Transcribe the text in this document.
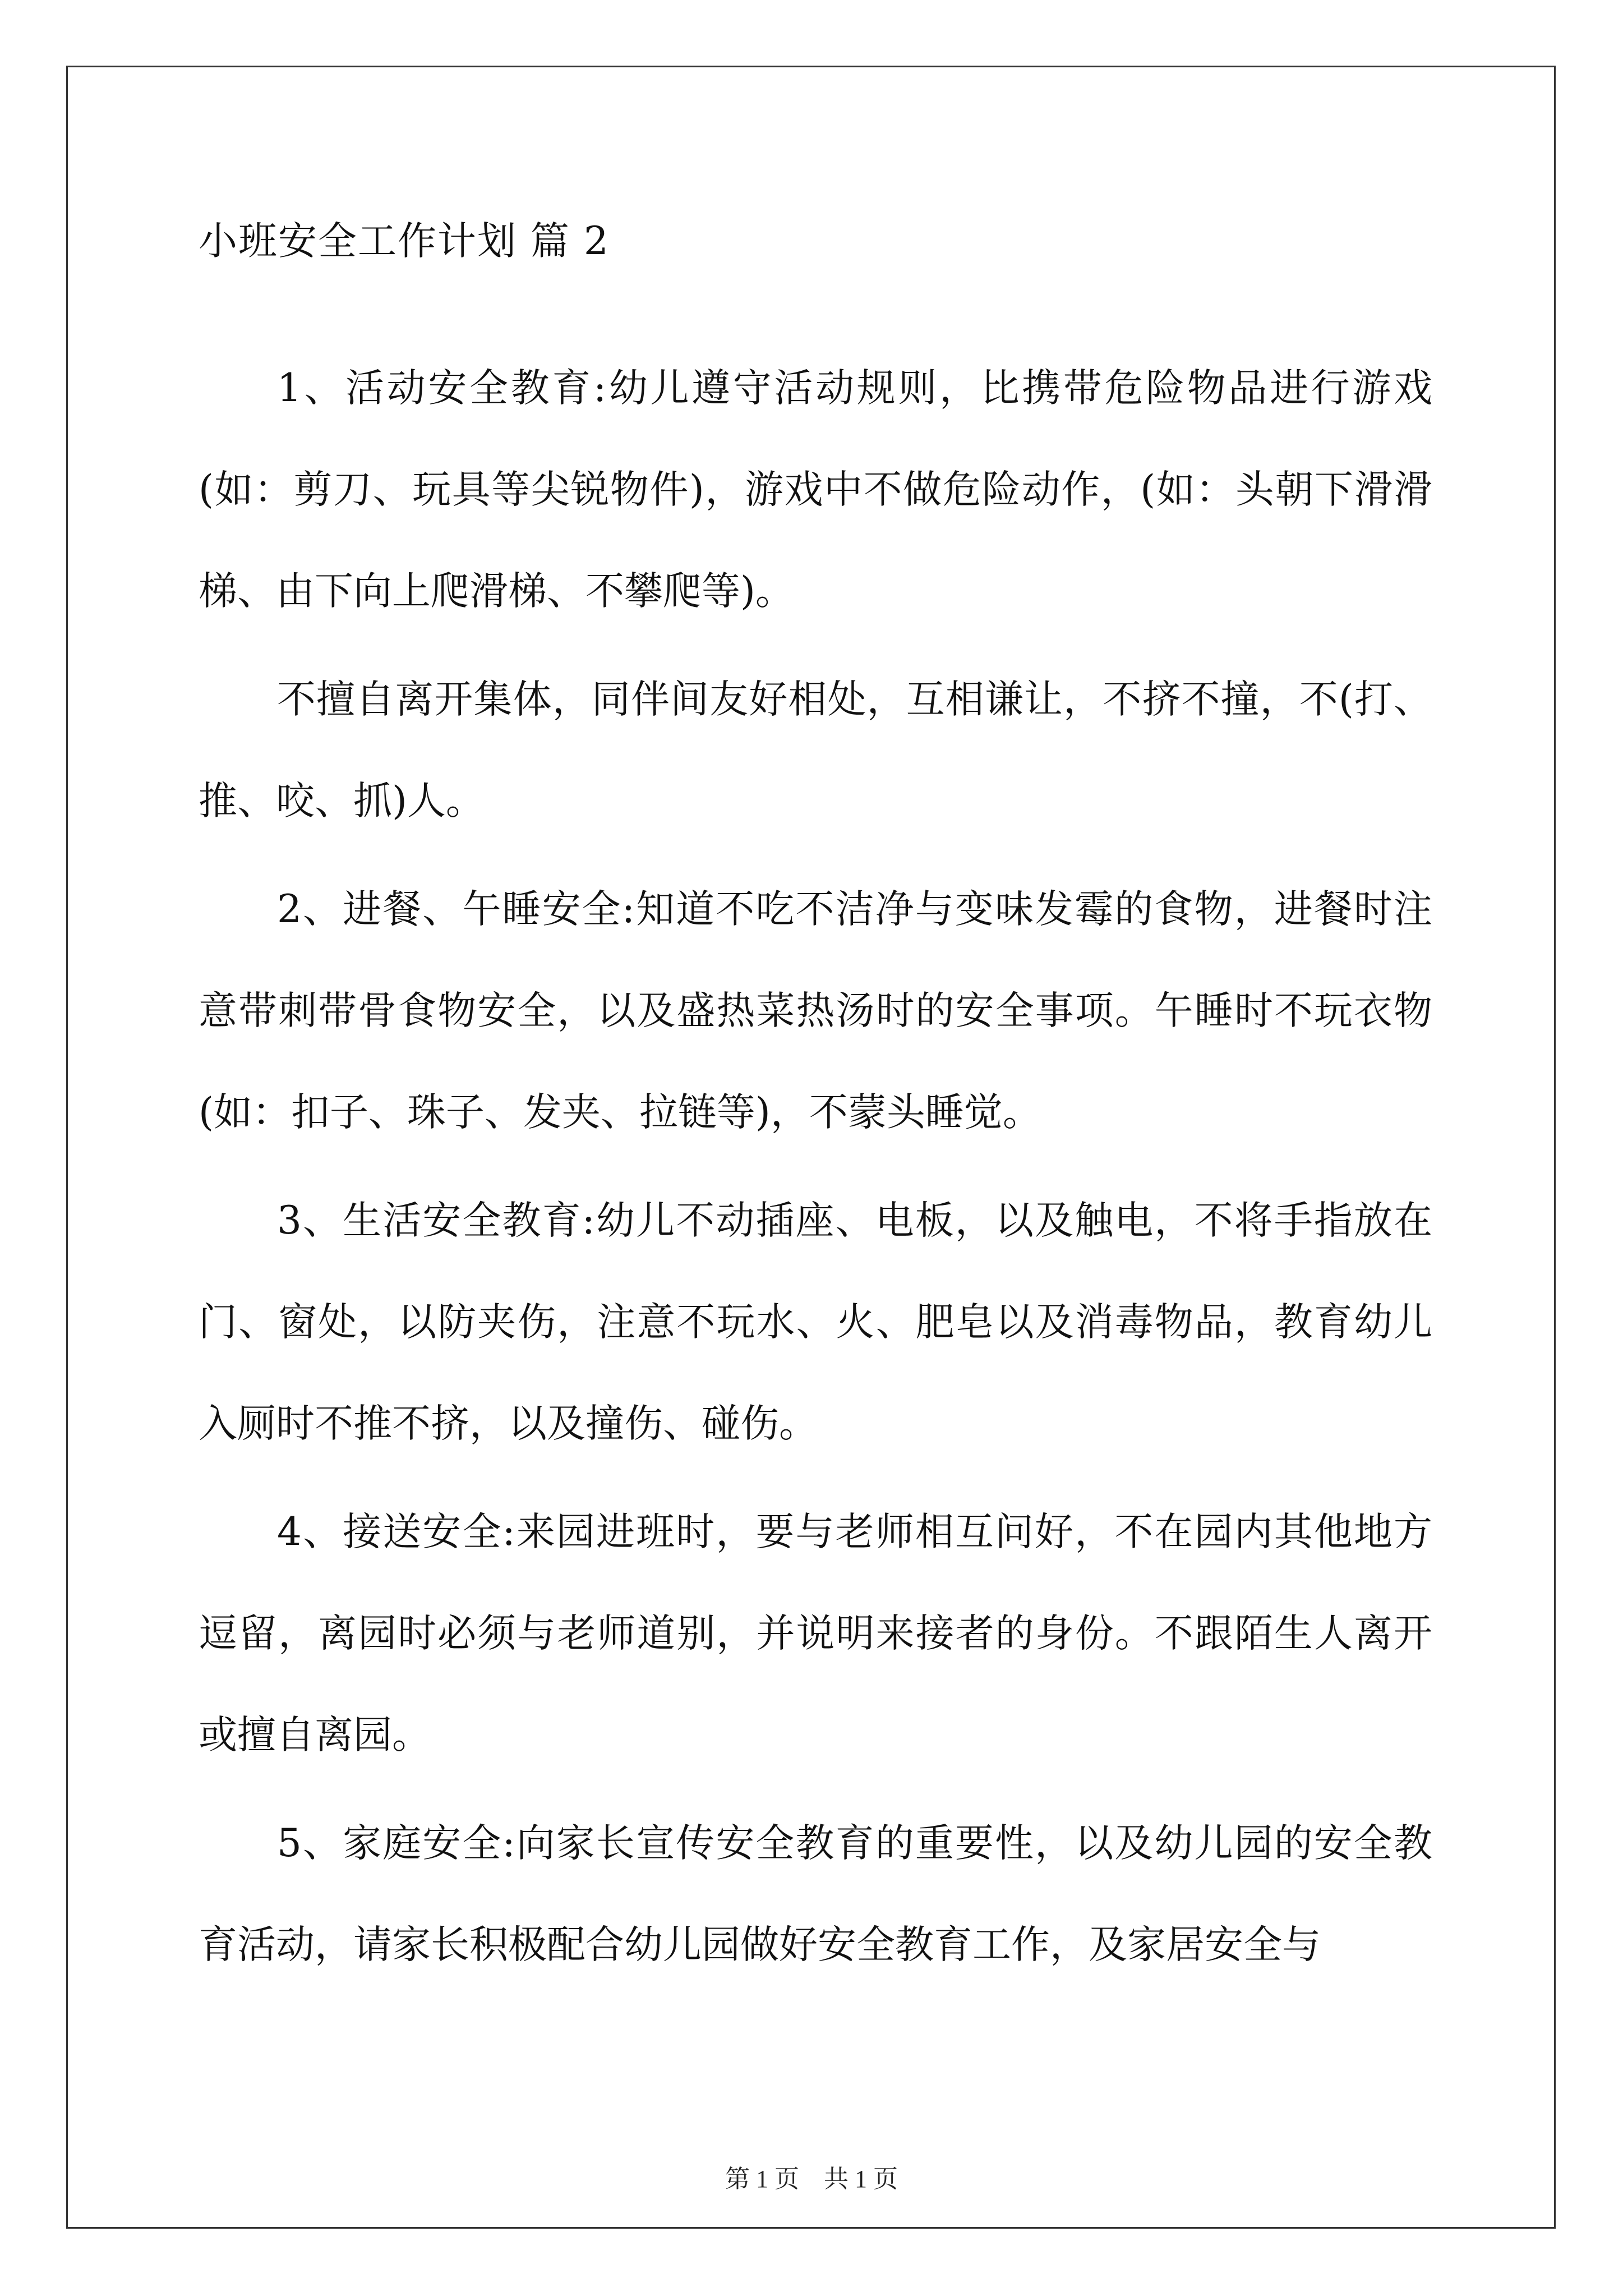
小班安全工作计划 篇 2

1、活动安全教育:幼儿遵守活动规则，比携带危险物品进行游戏(如：剪刀、玩具等尖锐物件)，游戏中不做危险动作，(如：头朝下滑滑梯、由下向上爬滑梯、不攀爬等)。

不擅自离开集体，同伴间友好相处，互相谦让，不挤不撞，不(打、推、咬、抓)人。

2、进餐、午睡安全:知道不吃不洁净与变味发霉的食物，进餐时注意带刺带骨食物安全，以及盛热菜热汤时的安全事项。午睡时不玩衣物(如：扣子、珠子、发夹、拉链等)，不蒙头睡觉。

3、生活安全教育:幼儿不动插座、电板，以及触电，不将手指放在门、窗处，以防夹伤，注意不玩水、火、肥皂以及消毒物品，教育幼儿入厕时不推不挤，以及撞伤、碰伤。

4、接送安全:来园进班时，要与老师相互问好，不在园内其他地方逗留，离园时必须与老师道别，并说明来接者的身份。不跟陌生人离开或擅自离园。

5、家庭安全:向家长宣传安全教育的重要性，以及幼儿园的安全教育活动，请家长积极配合幼儿园做好安全教育工作，及家居安全与

第 1 页    共 1 页
